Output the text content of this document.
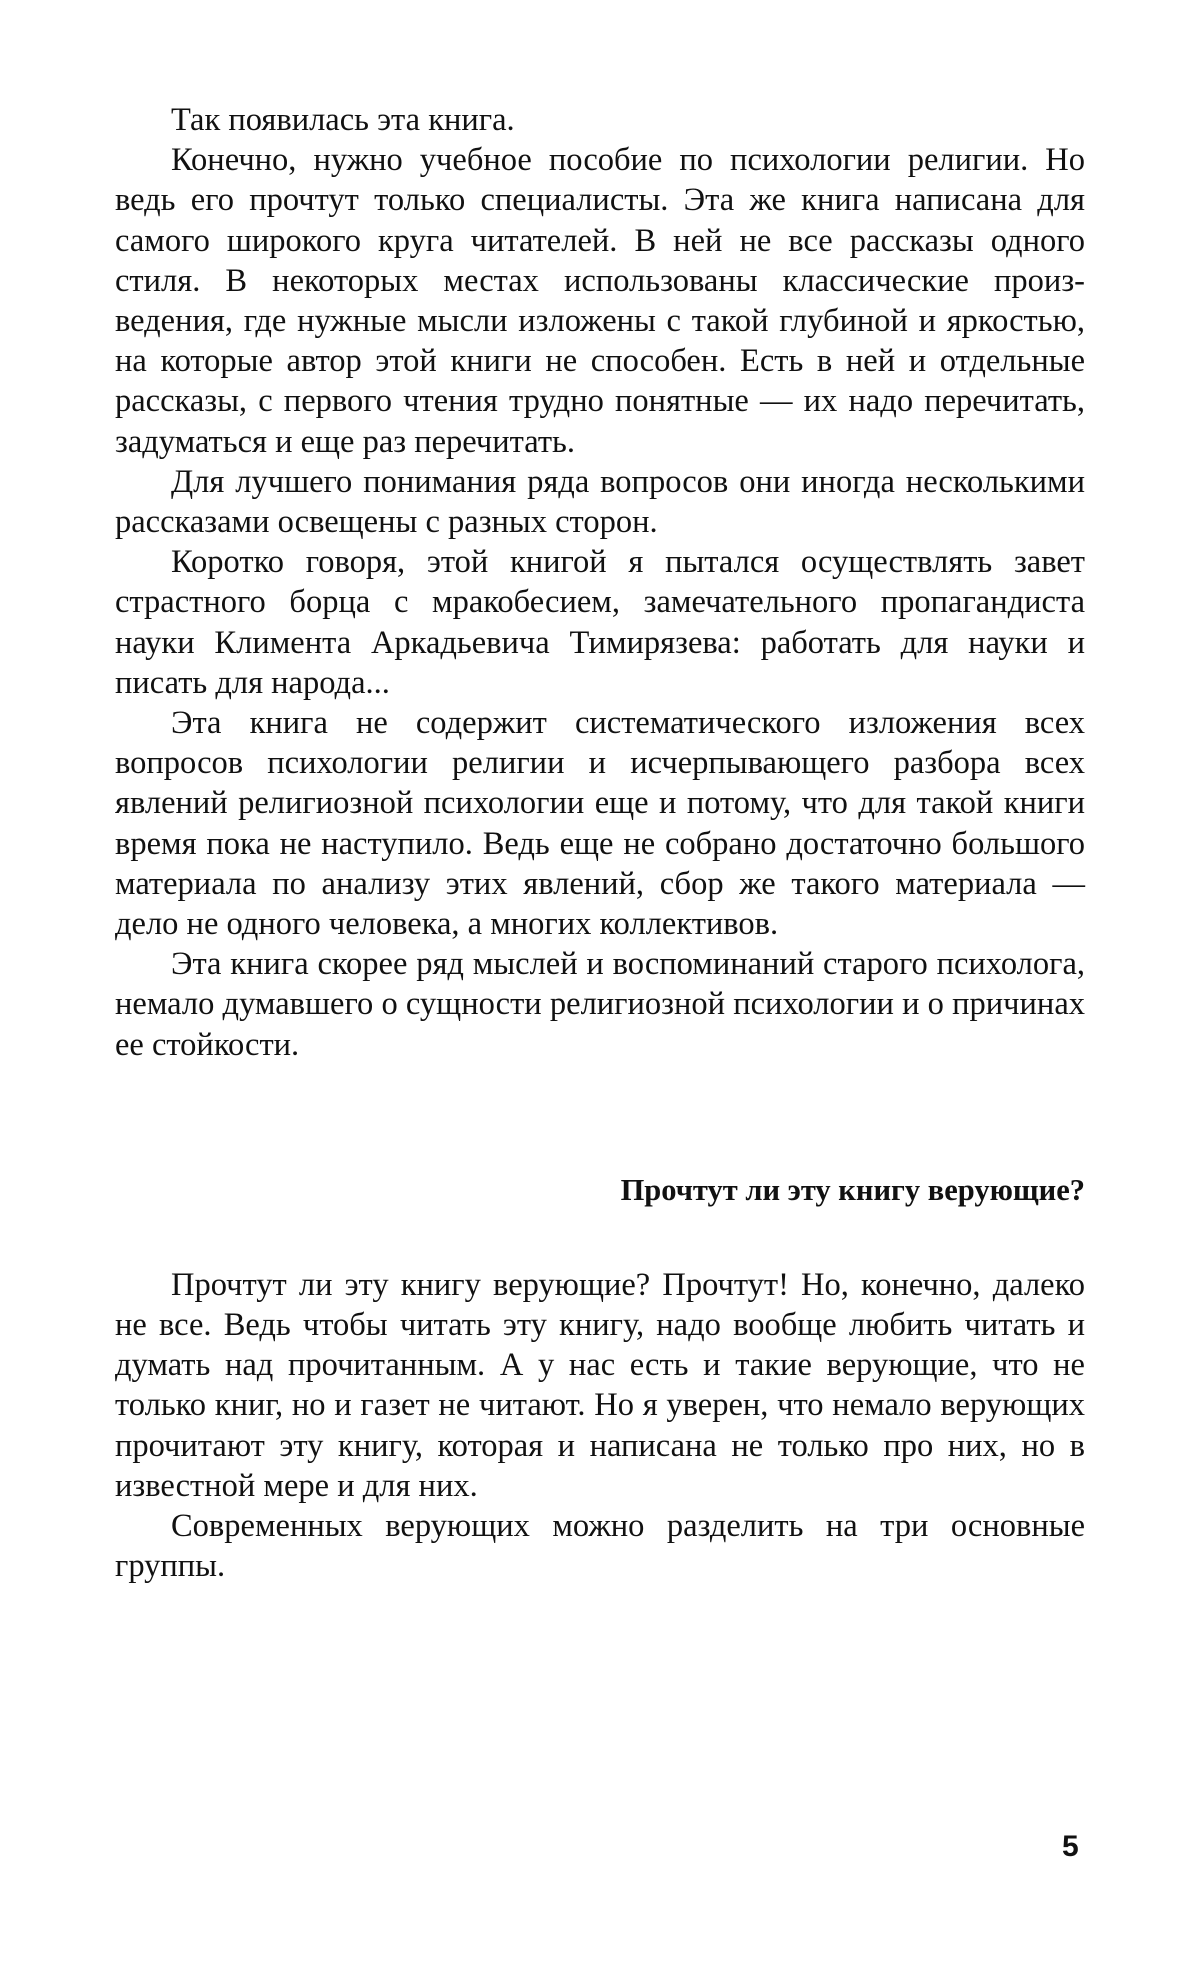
Так появилась эта книга.

Конечно, нужно учебное пособие по психологии религии. Но ведь его прочтут только специалисты. Эта же книга написана для самого широкого круга читателей. В ней не все рассказы одного стиля. В некоторых местах использованы классические произведения, где нужные мысли изложены с такой глубиной и яркостью, на которые автор этой книги не способен. Есть в ней и отдельные рассказы, с первого чтения трудно понятные — их надо перечитать, задуматься и еще раз перечитать.

Для лучшего понимания ряда вопросов они иногда несколькими рассказами освещены с разных сторон.

Коротко говоря, этой книгой я пытался осуществлять завет страстного борца с мракобесием, замечательного пропагандиста науки Климента Аркадьевича Тимирязева: работать для науки и писать для народа...

Эта книга не содержит систематического изложения всех вопросов психологии религии и исчерпывающего разбора всех явлений религиозной психологии еще и потому, что для такой книги время пока не наступило. Ведь еще не собрано достаточно большого материала по анализу этих явлений, сбор же такого материала — дело не одного человека, а многих коллективов.

Эта книга скорее ряд мыслей и воспоминаний старого психолога, немало думавшего о сущности религиозной психологии и о причинах ее стойкости.

Прочтут ли эту книгу верующие?

Прочтут ли эту книгу верующие? Прочтут! Но, конечно, далеко не все. Ведь чтобы читать эту книгу, надо вообще любить читать и думать над прочитанным. А у нас есть и такие верующие, что не только книг, но и газет не читают. Но я уверен, что немало верующих прочитают эту книгу, которая и написана не только про них, но в известной мере и для них.

Современных верующих можно разделить на три основные группы.

5
